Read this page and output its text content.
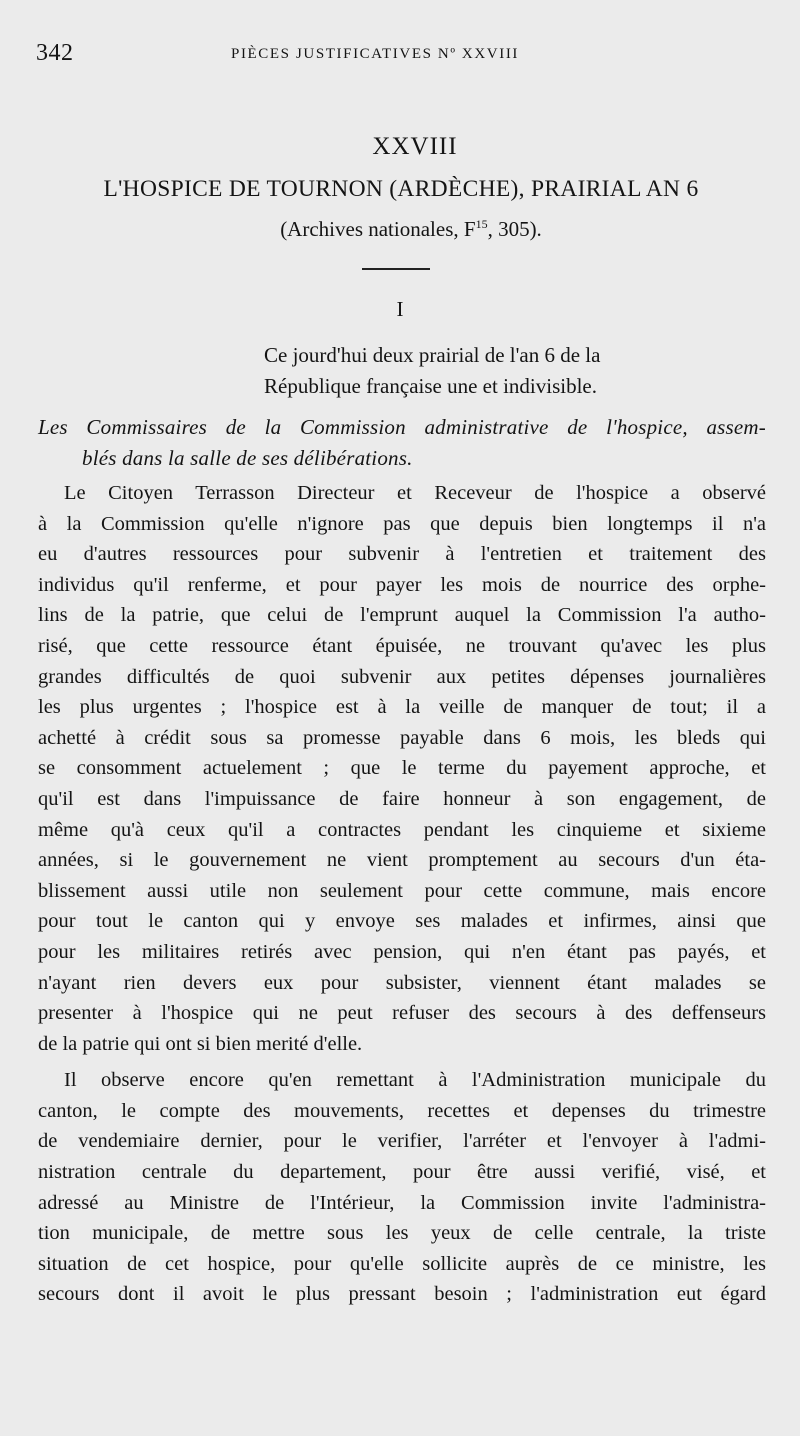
342	PIÈCES JUSTIFICATIVES Nº XXVIII
XXVIII
L'HOSPICE DE TOURNON (ARDÈCHE), PRAIRIAL AN 6
(Archives nationales, $F^{15}$, 305).
I
Ce jourd'hui deux prairial de l'an 6 de la
République française une et indivisible.
Les Commissaires de la Commission administrative de l'hospice, assem-
blés dans la salle de ses délibérations.
Le Citoyen Terrasson Directeur et Receveur de l'hospice a observé
à la Commission qu'elle n'ignore pas que depuis bien longtemps il n'a
eu d'autres ressources pour subvenir à l'entretien et traitement des
individus qu'il renferme, et pour payer les mois de nourrice des orphe-
lins de la patrie, que celui de l'emprunt auquel la Commission l'a autho-
risé, que cette ressource étant épuisée, ne trouvant qu'avec les plus
grandes difficultés de quoi subvenir aux petites dépenses journalières
les plus urgentes ; l'hospice est à la veille de manquer de tout; il a
achetté à crédit sous sa promesse payable dans 6 mois, les bleds qui
se consomment actuelement ; que le terme du payement approche, et
qu'il est dans l'impuissance de faire honneur à son engagement, de
même qu'à ceux qu'il a contractes pendant les cinquieme et sixieme
années, si le gouvernement ne vient promptement au secours d'un éta-
blissement aussi utile non seulement pour cette commune, mais encore
pour tout le canton qui y envoye ses malades et infirmes, ainsi que
pour les militaires retirés avec pension, qui n'en étant pas payés, et
n'ayant rien devers eux pour subsister, viennent étant malades se
presenter à l'hospice qui ne peut refuser des secours à des deffenseurs
de la patrie qui ont si bien merité d'elle.
Il observe encore qu'en remettant à l'Administration municipale du
canton, le compte des mouvements, recettes et depenses du trimestre
de vendemiaire dernier, pour le verifier, l'arréter et l'envoyer à l'admi-
nistration centrale du departement, pour être aussi verifié, visé, et
adressé au Ministre de l'Intérieur, la Commission invite l'administra-
tion municipale, de mettre sous les yeux de celle centrale, la triste
situation de cet hospice, pour qu'elle sollicite auprès de ce ministre, les
secours dont il avoit le plus pressant besoin ; l'administration eut égard
